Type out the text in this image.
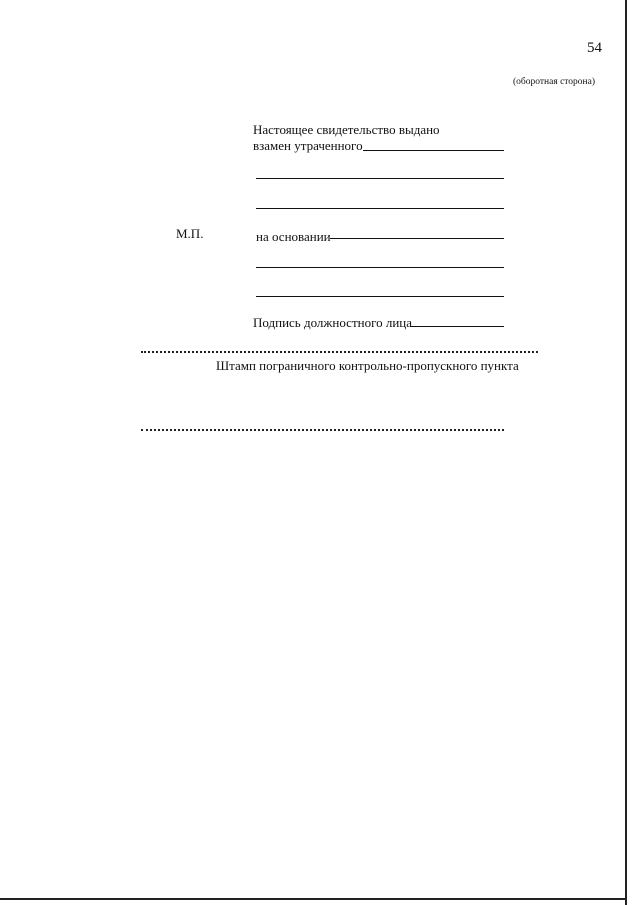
54
(оборотная сторона)
Настоящее свидетельство выдано
взамен утраченного
М.П.	на основании
Подпись должностного лица
Штамп пограничного контрольно-пропускного пункта
